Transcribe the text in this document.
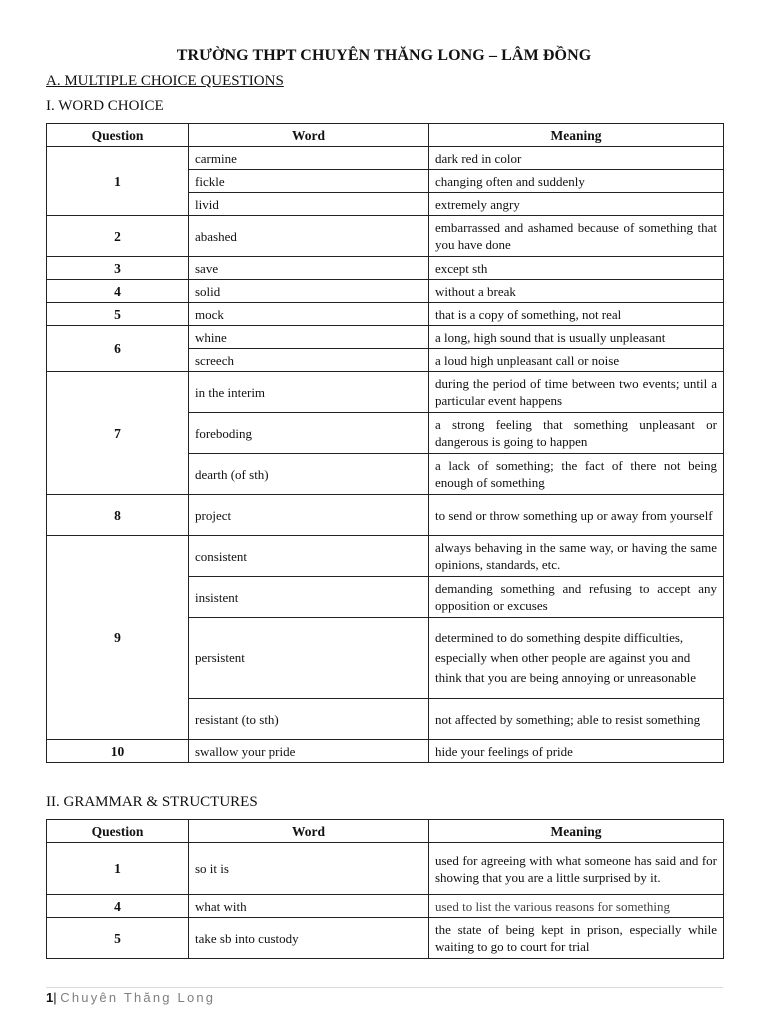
TRƯỜNG THPT CHUYÊN THĂNG LONG – LÂM ĐỒNG
A. MULTIPLE CHOICE QUESTIONS
I. WORD CHOICE
Question	Word	Meaning
1	carmine	dark red in color
	fickle	changing often and suddenly
	livid	extremely angry
2	abashed	embarrassed and ashamed because of something that you have done
3	save	except sth
4	solid	without a break
5	mock	that is a copy of something, not real
6	whine	a long, high sound that is usually unpleasant
	screech	a loud high unpleasant call or noise
7	in the interim	during the period of time between two events; until a particular event happens
	foreboding	a strong feeling that something unpleasant or dangerous is going to happen
	dearth (of sth)	a lack of something; the fact of there not being enough of something
8	project	to send or throw something up or away from yourself
9	consistent	always behaving in the same way, or having the same opinions, standards, etc.
	insistent	demanding something and refusing to accept any opposition or excuses
	persistent	determined to do something despite difficulties, especially when other people are against you and think that you are being annoying or unreasonable
	resistant (to sth)	not affected by something; able to resist something
10	swallow your pride	hide your feelings of pride
II. GRAMMAR & STRUCTURES
Question	Word	Meaning
1	so it is	used for agreeing with what someone has said and for showing that you are a little surprised by it.
4	what with	used to list the various reasons for something
5	take sb into custody	the state of being kept in prison, especially while waiting to go to court for trial
1| Chuyên Thăng Long
